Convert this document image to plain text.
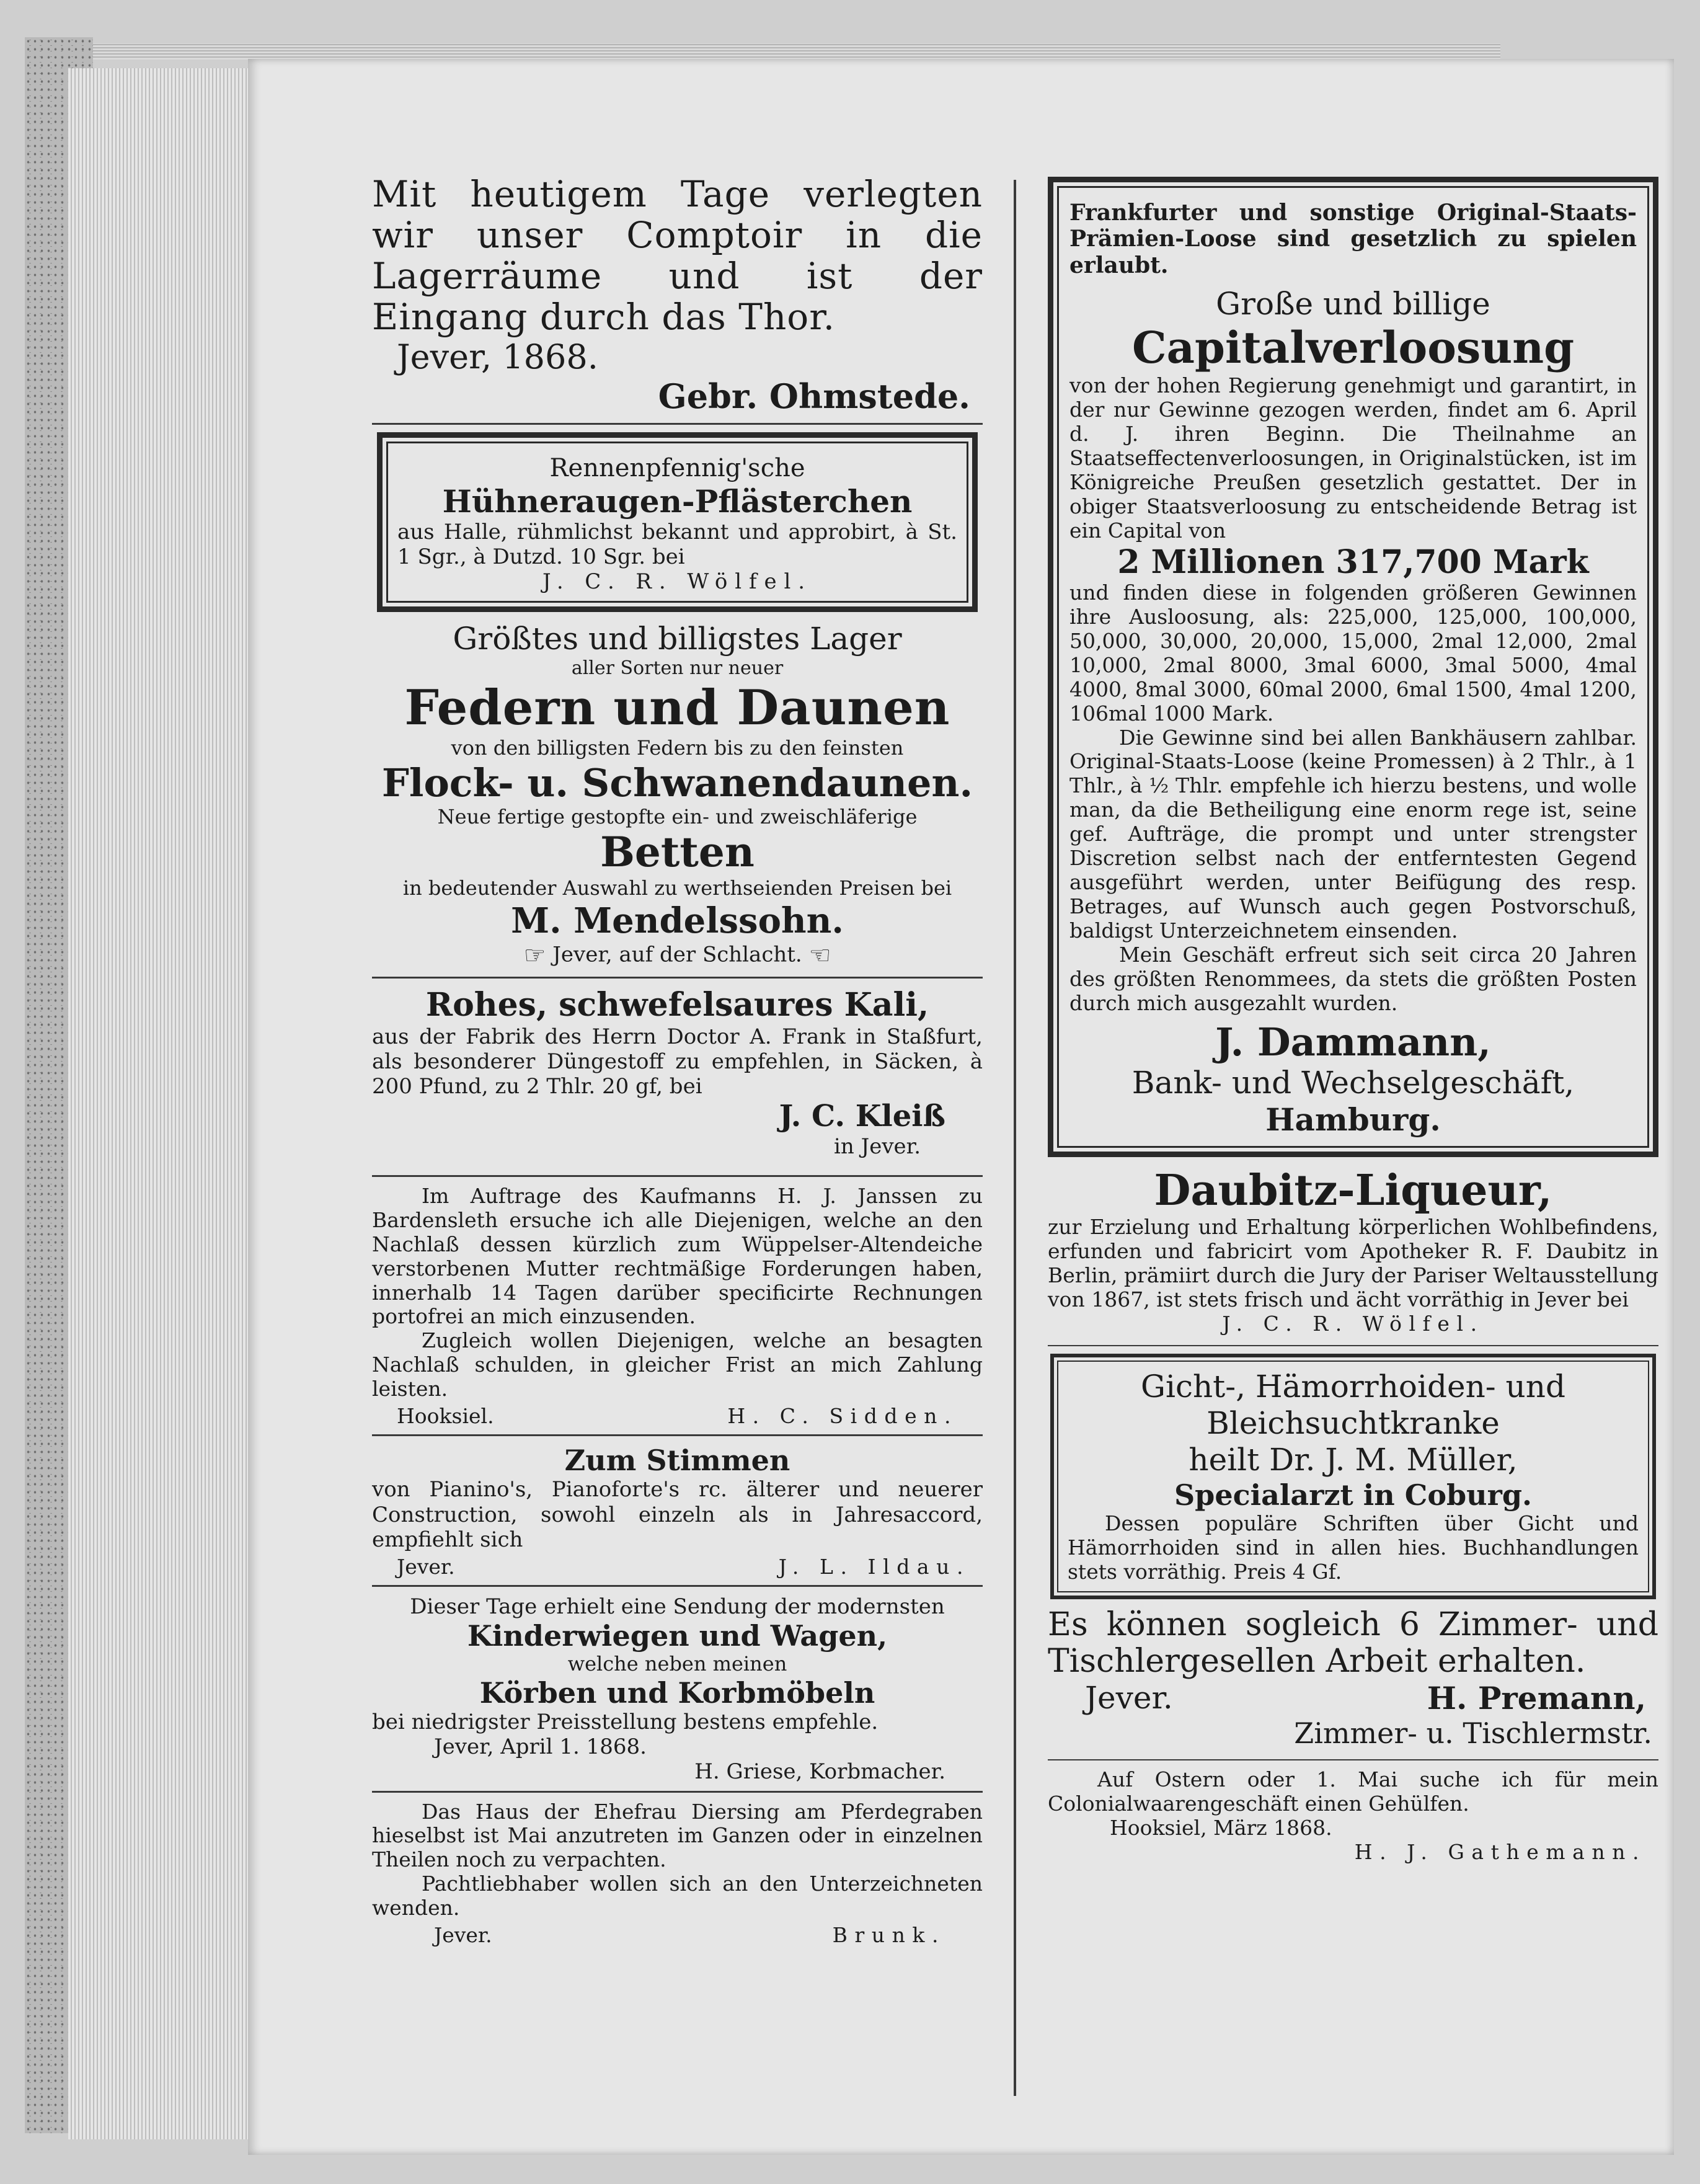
Mit heutigem Tage verlegten wir unser Comptoir in die Lagerräume und ist der Eingang durch das Thor.

Jever, 1868.

Gebr. Ohmstede.

Rennenpfennig'sche

Hühneraugen-Pflästerchen

aus Halle, rühmlichst bekannt und approbirt, à St. 1 Sgr., à Dutzd. 10 Sgr. bei

J. C. R. Wölfel.

Größtes und billigstes Lager

aller Sorten nur neuer

Federn und Daunen

von den billigsten Federn bis zu den feinsten

Flock- u. Schwanendaunen.

Neue fertige gestopfte ein- und zweischläferige

Betten

in bedeutender Auswahl zu werthseienden Preisen bei

M. Mendelssohn.

☞ Jever, auf der Schlacht. ☜

Rohes, schwefelsaures Kali,

aus der Fabrik des Herrn Doctor A. Frank in Staßfurt, als besonderer Düngestoff zu empfehlen, in Säcken, à 200 Pfund, zu 2 Thlr. 20 gf, bei

J. C. Kleiß

in Jever.

Im Auftrage des Kaufmanns H. J. Janssen zu Bardensleth ersuche ich alle Diejenigen, welche an den Nachlaß dessen kürzlich zum Wüppelser-Altendeiche verstorbenen Mutter rechtmäßige Forderungen haben, innerhalb 14 Tagen darüber specificirte Rechnungen portofrei an mich einzusenden.

Zugleich wollen Diejenigen, welche an besagten Nachlaß schulden, in gleicher Frist an mich Zahlung leisten.

Hooksiel.	H. C. Sidden.

Zum Stimmen

von Pianino's, Pianoforte's rc. älterer und neuerer Construction, sowohl einzeln als in Jahresaccord, empfiehlt sich

Jever.	J. L. Ildau.

Dieser Tage erhielt eine Sendung der modernsten

Kinderwiegen und Wagen,

welche neben meinen

Körben und Korbmöbeln

bei niedrigster Preisstellung bestens empfehle.

Jever, April 1. 1868.

H. Griese, Korbmacher.

Das Haus der Ehefrau Diersing am Pferdegraben hieselbst ist Mai anzutreten im Ganzen oder in einzelnen Theilen noch zu verpachten.

Pachtliebhaber wollen sich an den Unterzeichneten wenden.

Jever.	Brunk.

Frankfurter und sonstige Original-Staats-Prämien-Loose sind gesetzlich zu spielen erlaubt.

Große und billige

Capitalverloosung

von der hohen Regierung genehmigt und garantirt, in der nur Gewinne gezogen werden, findet am 6. April d. J. ihren Beginn. Die Theilnahme an Staatseffectenverloosungen, in Originalstücken, ist im Königreiche Preußen gesetzlich gestattet. Der in obiger Staatsverloosung zu entscheidende Betrag ist ein Capital von

2 Millionen 317,700 Mark

und finden diese in folgenden größeren Gewinnen ihre Ausloosung, als: 225,000, 125,000, 100,000, 50,000, 30,000, 20,000, 15,000, 2mal 12,000, 2mal 10,000, 2mal 8000, 3mal 6000, 3mal 5000, 4mal 4000, 8mal 3000, 60mal 2000, 6mal 1500, 4mal 1200, 106mal 1000 Mark.

Die Gewinne sind bei allen Bankhäusern zahlbar. Original-Staats-Loose (keine Promessen) à 2 Thlr., à 1 Thlr., à ½ Thlr. empfehle ich hierzu bestens, und wolle man, da die Betheiligung eine enorm rege ist, seine gef. Aufträge, die prompt und unter strengster Discretion selbst nach der entferntesten Gegend ausgeführt werden, unter Beifügung des resp. Betrages, auf Wunsch auch gegen Postvorschuß, baldigst Unterzeichnetem einsenden.

Mein Geschäft erfreut sich seit circa 20 Jahren des größten Renommees, da stets die größten Posten durch mich ausgezahlt wurden.

J. Dammann,

Bank- und Wechselgeschäft,

Hamburg.

Daubitz-Liqueur,

zur Erzielung und Erhaltung körperlichen Wohlbefindens, erfunden und fabricirt vom Apotheker R. F. Daubitz in Berlin, prämiirt durch die Jury der Pariser Weltausstellung von 1867, ist stets frisch und ächt vorräthig in Jever bei

J. C. R. Wölfel.

Gicht-, Hämorrhoiden- und Bleichsuchtkranke

heilt Dr. J. M. Müller,

Specialarzt in Coburg.

Dessen populäre Schriften über Gicht und Hämorrhoiden sind in allen hies. Buchhandlungen stets vorräthig. Preis 4 Gf.

Es können sogleich 6 Zimmer- und Tischlergesellen Arbeit erhalten.

Jever.	H. Premann,

Zimmer- u. Tischlermstr.

Auf Ostern oder 1. Mai suche ich für mein Colonialwaarengeschäft einen Gehülfen.

Hooksiel, März 1868.

H. J. Gathemann.
